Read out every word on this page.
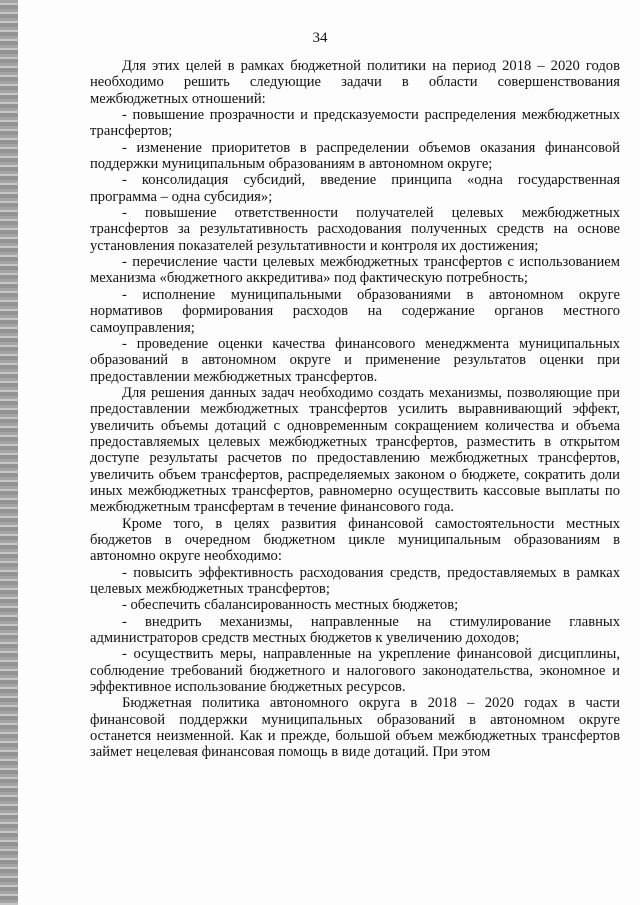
34

Для этих целей в рамках бюджетной политики на период 2018 – 2020 годов необходимо решить следующие задачи в области совершенствования межбюджетных отношений:

- повышение прозрачности и предсказуемости распределения межбюджетных трансфертов;

- изменение приоритетов в распределении объемов оказания финансовой поддержки муниципальным образованиям в автономном округе;

- консолидация субсидий, введение принципа «одна государственная программа – одна субсидия»;

- повышение ответственности получателей целевых межбюджетных трансфертов за результативность расходования полученных средств на основе установления показателей результативности и контроля их достижения;

- перечисление части целевых межбюджетных трансфертов с использованием механизма «бюджетного аккредитива» под фактическую потребность;

- исполнение муниципальными образованиями в автономном округе нормативов формирования расходов на содержание органов местного самоуправления;

- проведение оценки качества финансового менеджмента муниципальных образований в автономном округе и применение результатов оценки при предоставлении межбюджетных трансфертов.

Для решения данных задач необходимо создать механизмы, позволяющие при предоставлении межбюджетных трансфертов усилить выравнивающий эффект, увеличить объемы дотаций с одновременным сокращением количества и объема предоставляемых целевых межбюджетных трансфертов, разместить в открытом доступе результаты расчетов по предоставлению межбюджетных трансфертов, увеличить объем трансфертов, распределяемых законом о бюджете, сократить доли иных межбюджетных трансфертов, равномерно осуществить кассовые выплаты по межбюджетным трансфертам в течение финансового года.

Кроме того, в целях развития финансовой самостоятельности местных бюджетов в очередном бюджетном цикле муниципальным образованиям в автономно округе необходимо:

- повысить эффективность расходования средств, предоставляемых в рамках целевых межбюджетных трансфертов;

- обеспечить сбалансированность местных бюджетов;

- внедрить механизмы, направленные на стимулирование главных администраторов средств местных бюджетов к увеличению доходов;

- осуществить меры, направленные на укрепление финансовой дисциплины, соблюдение требований бюджетного и налогового законодательства, экономное и эффективное использование бюджетных ресурсов.

Бюджетная политика автономного округа в 2018 – 2020 годах в части финансовой поддержки муниципальных образований в автономном округе останется неизменной. Как и прежде, большой объем межбюджетных трансфертов займет нецелевая финансовая помощь в виде дотаций. При этом
